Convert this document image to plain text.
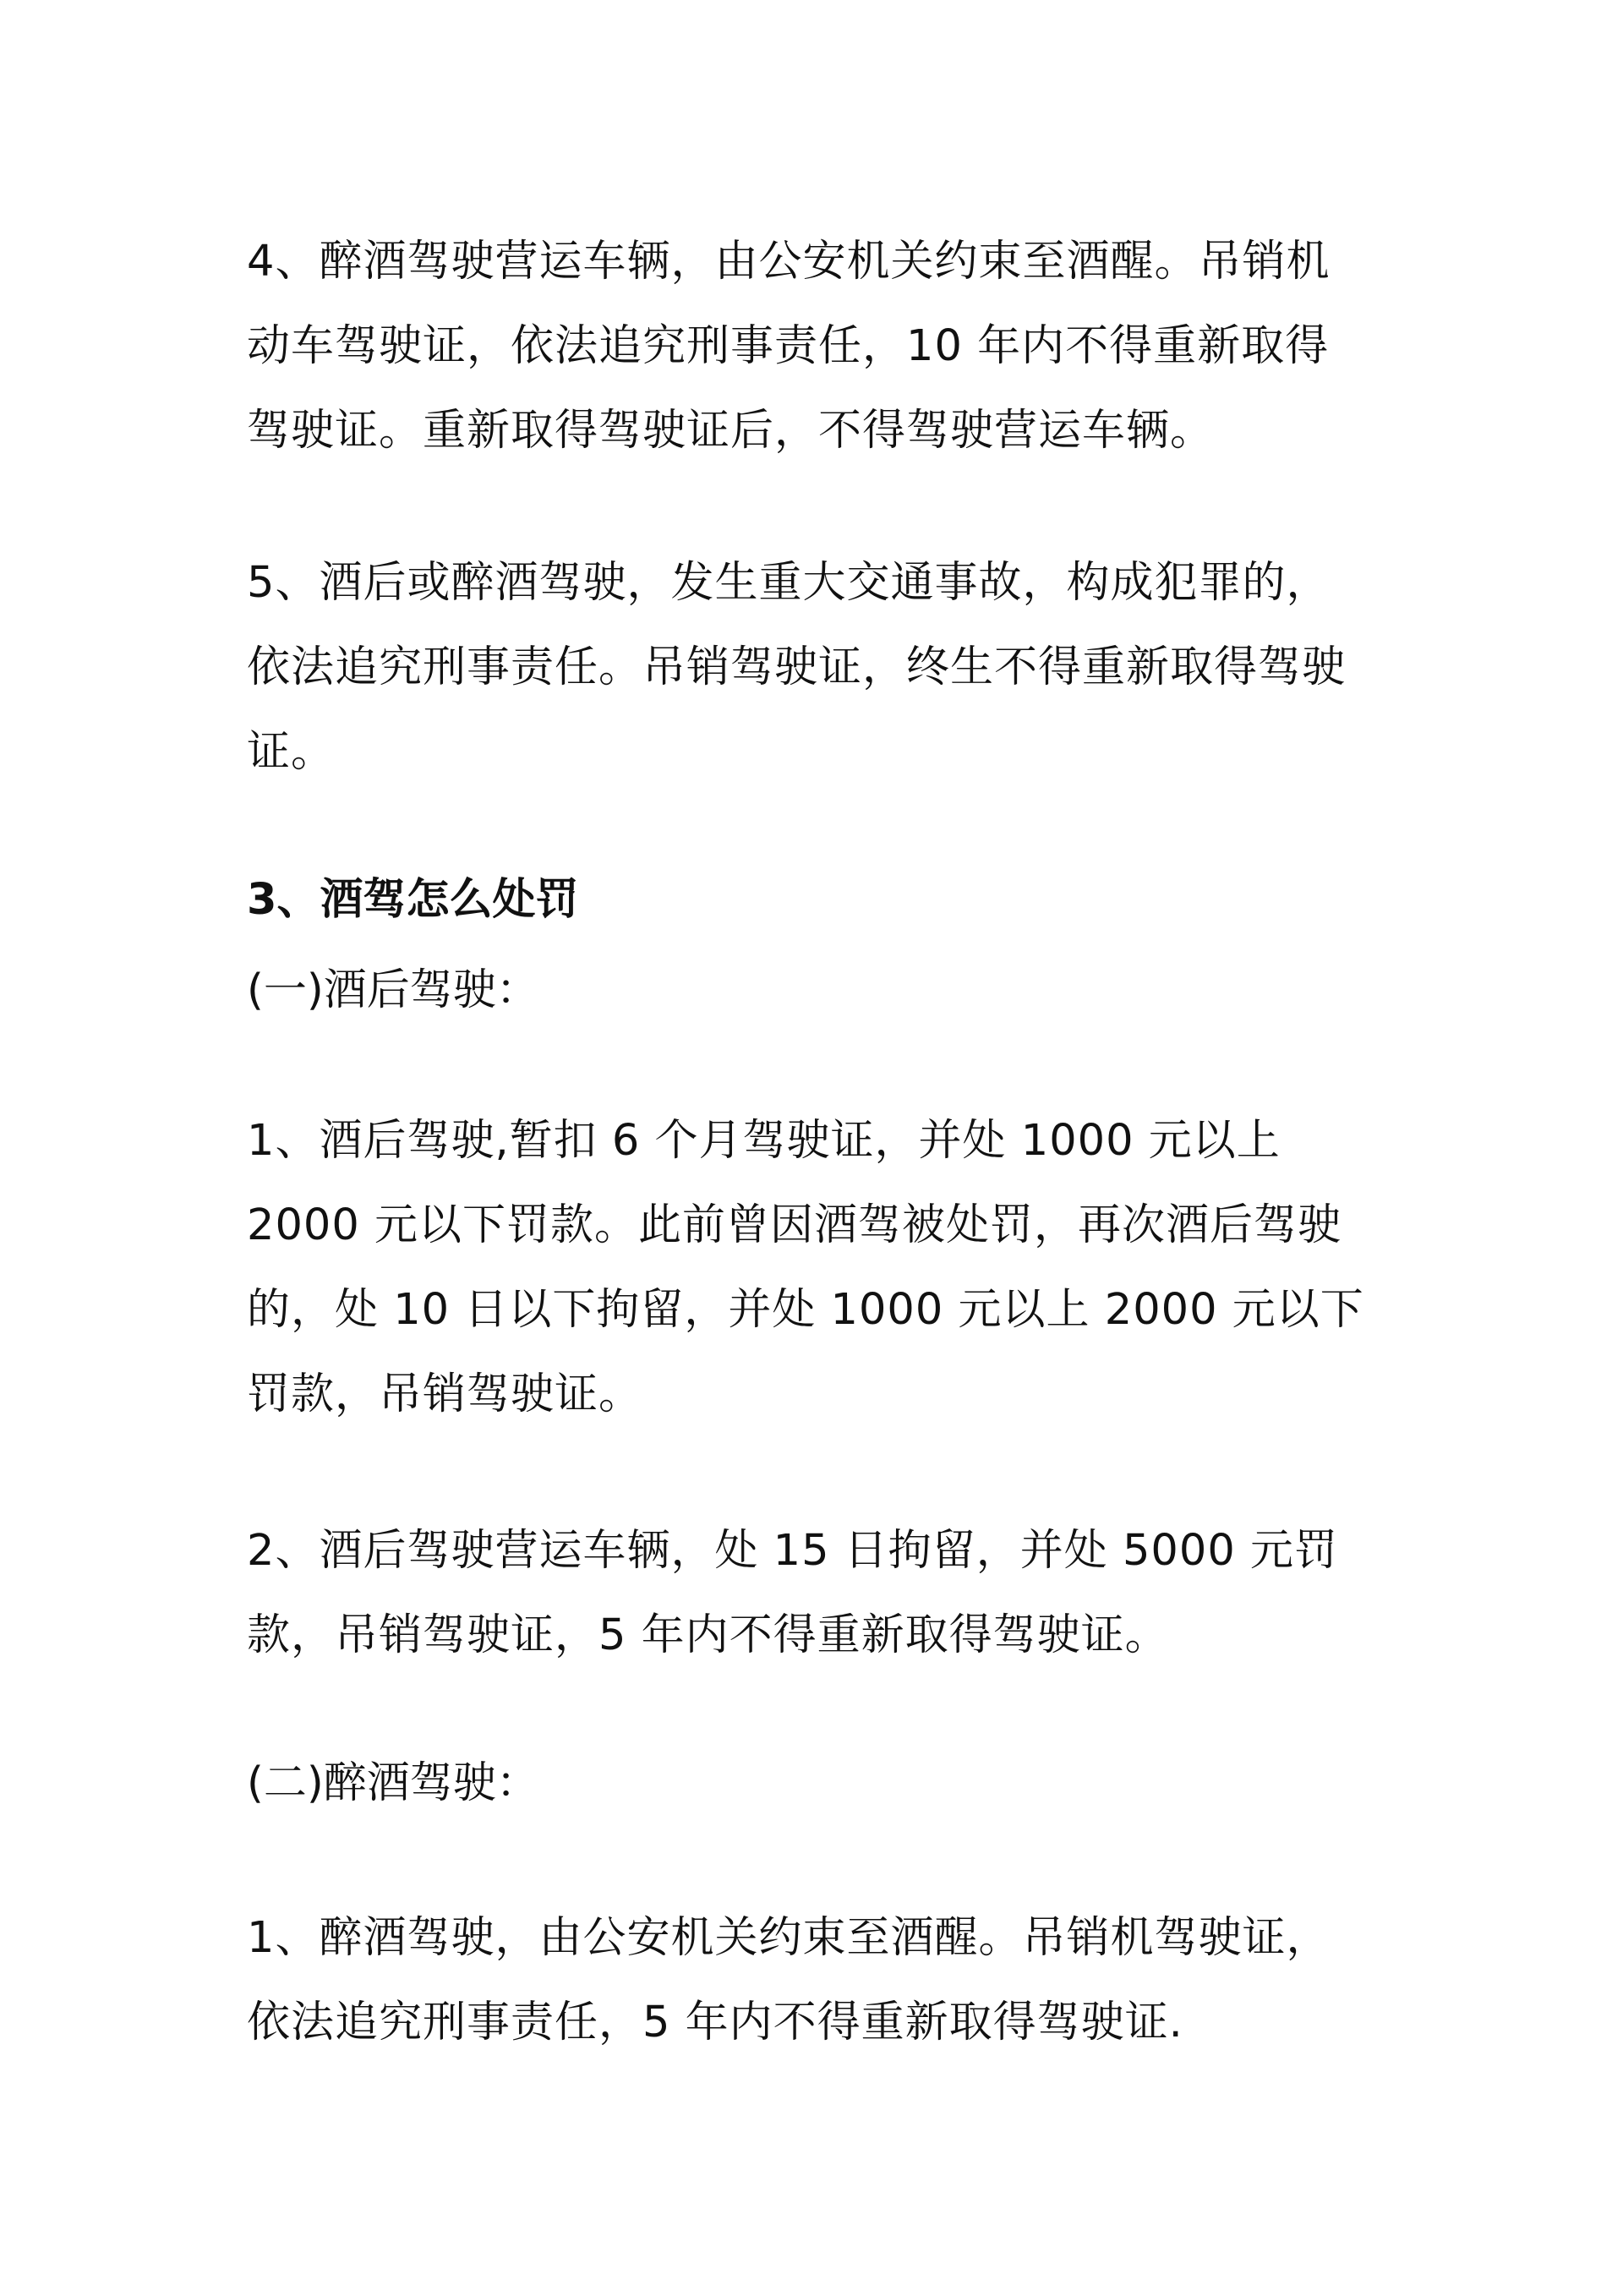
4、醉酒驾驶营运车辆，由公安机关约束至酒醒。吊销机
动车驾驶证，依法追究刑事责任，10 年内不得重新取得
驾驶证。重新取得驾驶证后，不得驾驶营运车辆。
5、酒后或醉酒驾驶，发生重大交通事故，构成犯罪的，
依法追究刑事责任。吊销驾驶证，终生不得重新取得驾驶
证。
3、酒驾怎么处罚
(一)酒后驾驶：
1、酒后驾驶,暂扣 6 个月驾驶证，并处 1000 元以上
2000 元以下罚款。此前曾因酒驾被处罚，再次酒后驾驶
的，处 10 日以下拘留，并处 1000 元以上 2000 元以下
罚款，吊销驾驶证。
2、酒后驾驶营运车辆，处 15 日拘留，并处 5000 元罚
款，吊销驾驶证，5 年内不得重新取得驾驶证。
(二)醉酒驾驶：
1、醉酒驾驶，由公安机关约束至酒醒。吊销机驾驶证，
依法追究刑事责任，5 年内不得重新取得驾驶证.
